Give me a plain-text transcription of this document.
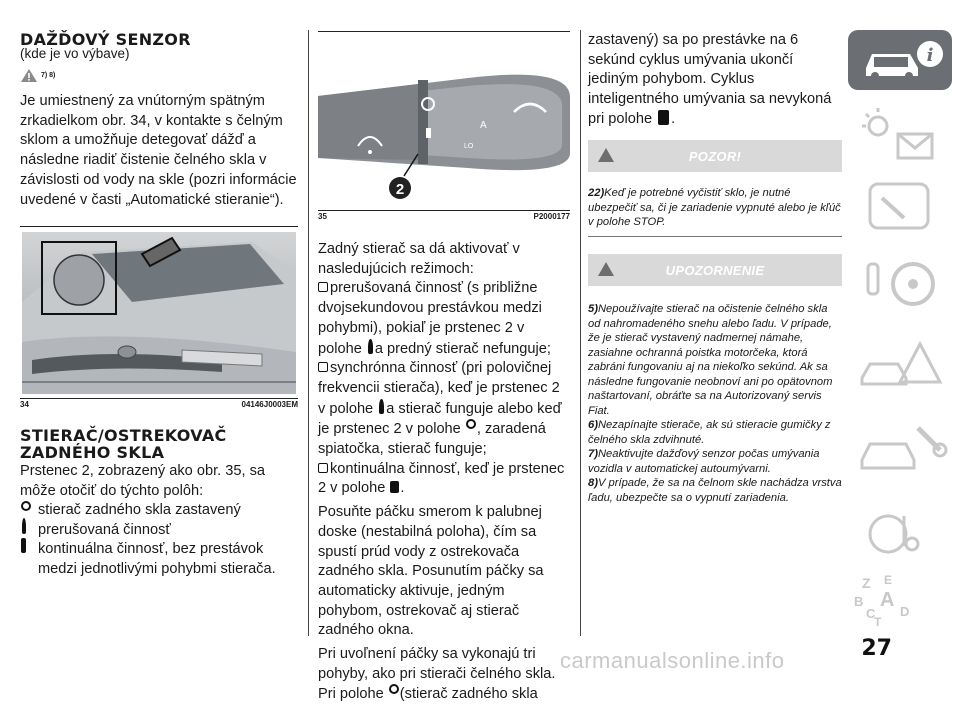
DAŽĎOVÝ SENZOR
(kde je vo výbave)
7) 8)

Je umiestnený za vnútorným spätným zrkadielkom obr. 34, v kontakte s čelným sklom a umožňuje detegovať dážď a následne riadiť čistenie čelného skla v závislosti od vody na skle (pozri informácie uvedené v časti „Automatické stieranie“).

34	04146J0003EM
STIERAČ/OSTREKOVAČ
ZADNÉHO SKLA

Prstenec 2, zobrazený ako obr. 35, sa môže otočiť do týchto polôh:

stierač zadného skla zastavený
prerušovaná činnosť
kontinuálna činnosť, bez prestávok medzi jednotlivými pohybmi stierača.
A
LO
2
35	P2000177

Zadný stierač sa dá aktivovať v nasledujúcich režimoch:

prerušovaná činnosť (s približne dvojsekundovou prestávkou medzi pohybmi), pokiaľ je prstenec 2 v polohe a predný stierač nefunguje;

synchrónna činnosť (pri polovičnej frekvencii stierača), keď je prstenec 2 v polohe a stierač funguje alebo keď je prstenec 2 v polohe , zaradená spiatočka, stierač funguje;

kontinuálna činnosť, keď je prstenec 2 v polohe .

Posuňte páčku smerom k palubnej doske (nestabilná poloha), čím sa spustí prúd vody z ostrekovača zadného skla. Posunutím páčky sa automaticky aktivuje, jedným pohybom, ostrekovač aj stierač zadného okna.

Pri uvoľnení páčky sa vykonajú tri pohyby, ako pri stierači čelného skla. Pri polohe (stierač zadného skla

zastavený) sa po prestávke na 6 sekúnd cyklus umývania ukončí jediným pohybom. Cyklus inteligentného umývania sa nevykoná pri polohe .

POZOR!
22)Keď je potrebné vyčistiť sklo, je nutné ubezpečiť sa, či je zariadenie vypnuté alebo je kľúč v polohe STOP.
UPOZORNENIE

5)Nepoužívajte stierač na očistenie čelného skla od nahromadeného snehu alebo ľadu. V prípade, že je stierač vystavený nadmernej námahe, zasiahne ochranná poistka motorčeka, ktorá zabráni fungovaniu aj na niekoľko sekúnd. Ak sa následne fungovanie neobnoví ani po opätovnom naštartovaní, obráťte sa na Autorizovaný servis Fiat.

6)Nezapínajte stierače, ak sú stieracie gumičky z čelného skla zdvihnuté.

7)Neaktivujte dažďový senzor počas umývania vozidla v automatickej autoumývarni.

8)V prípade, že sa na čelnom skle nachádza vrstva ľadu, ubezpečte sa o vypnutí zariadenia.

i
Z E
A
B
C
T
D
27
carmanualsonline.info
